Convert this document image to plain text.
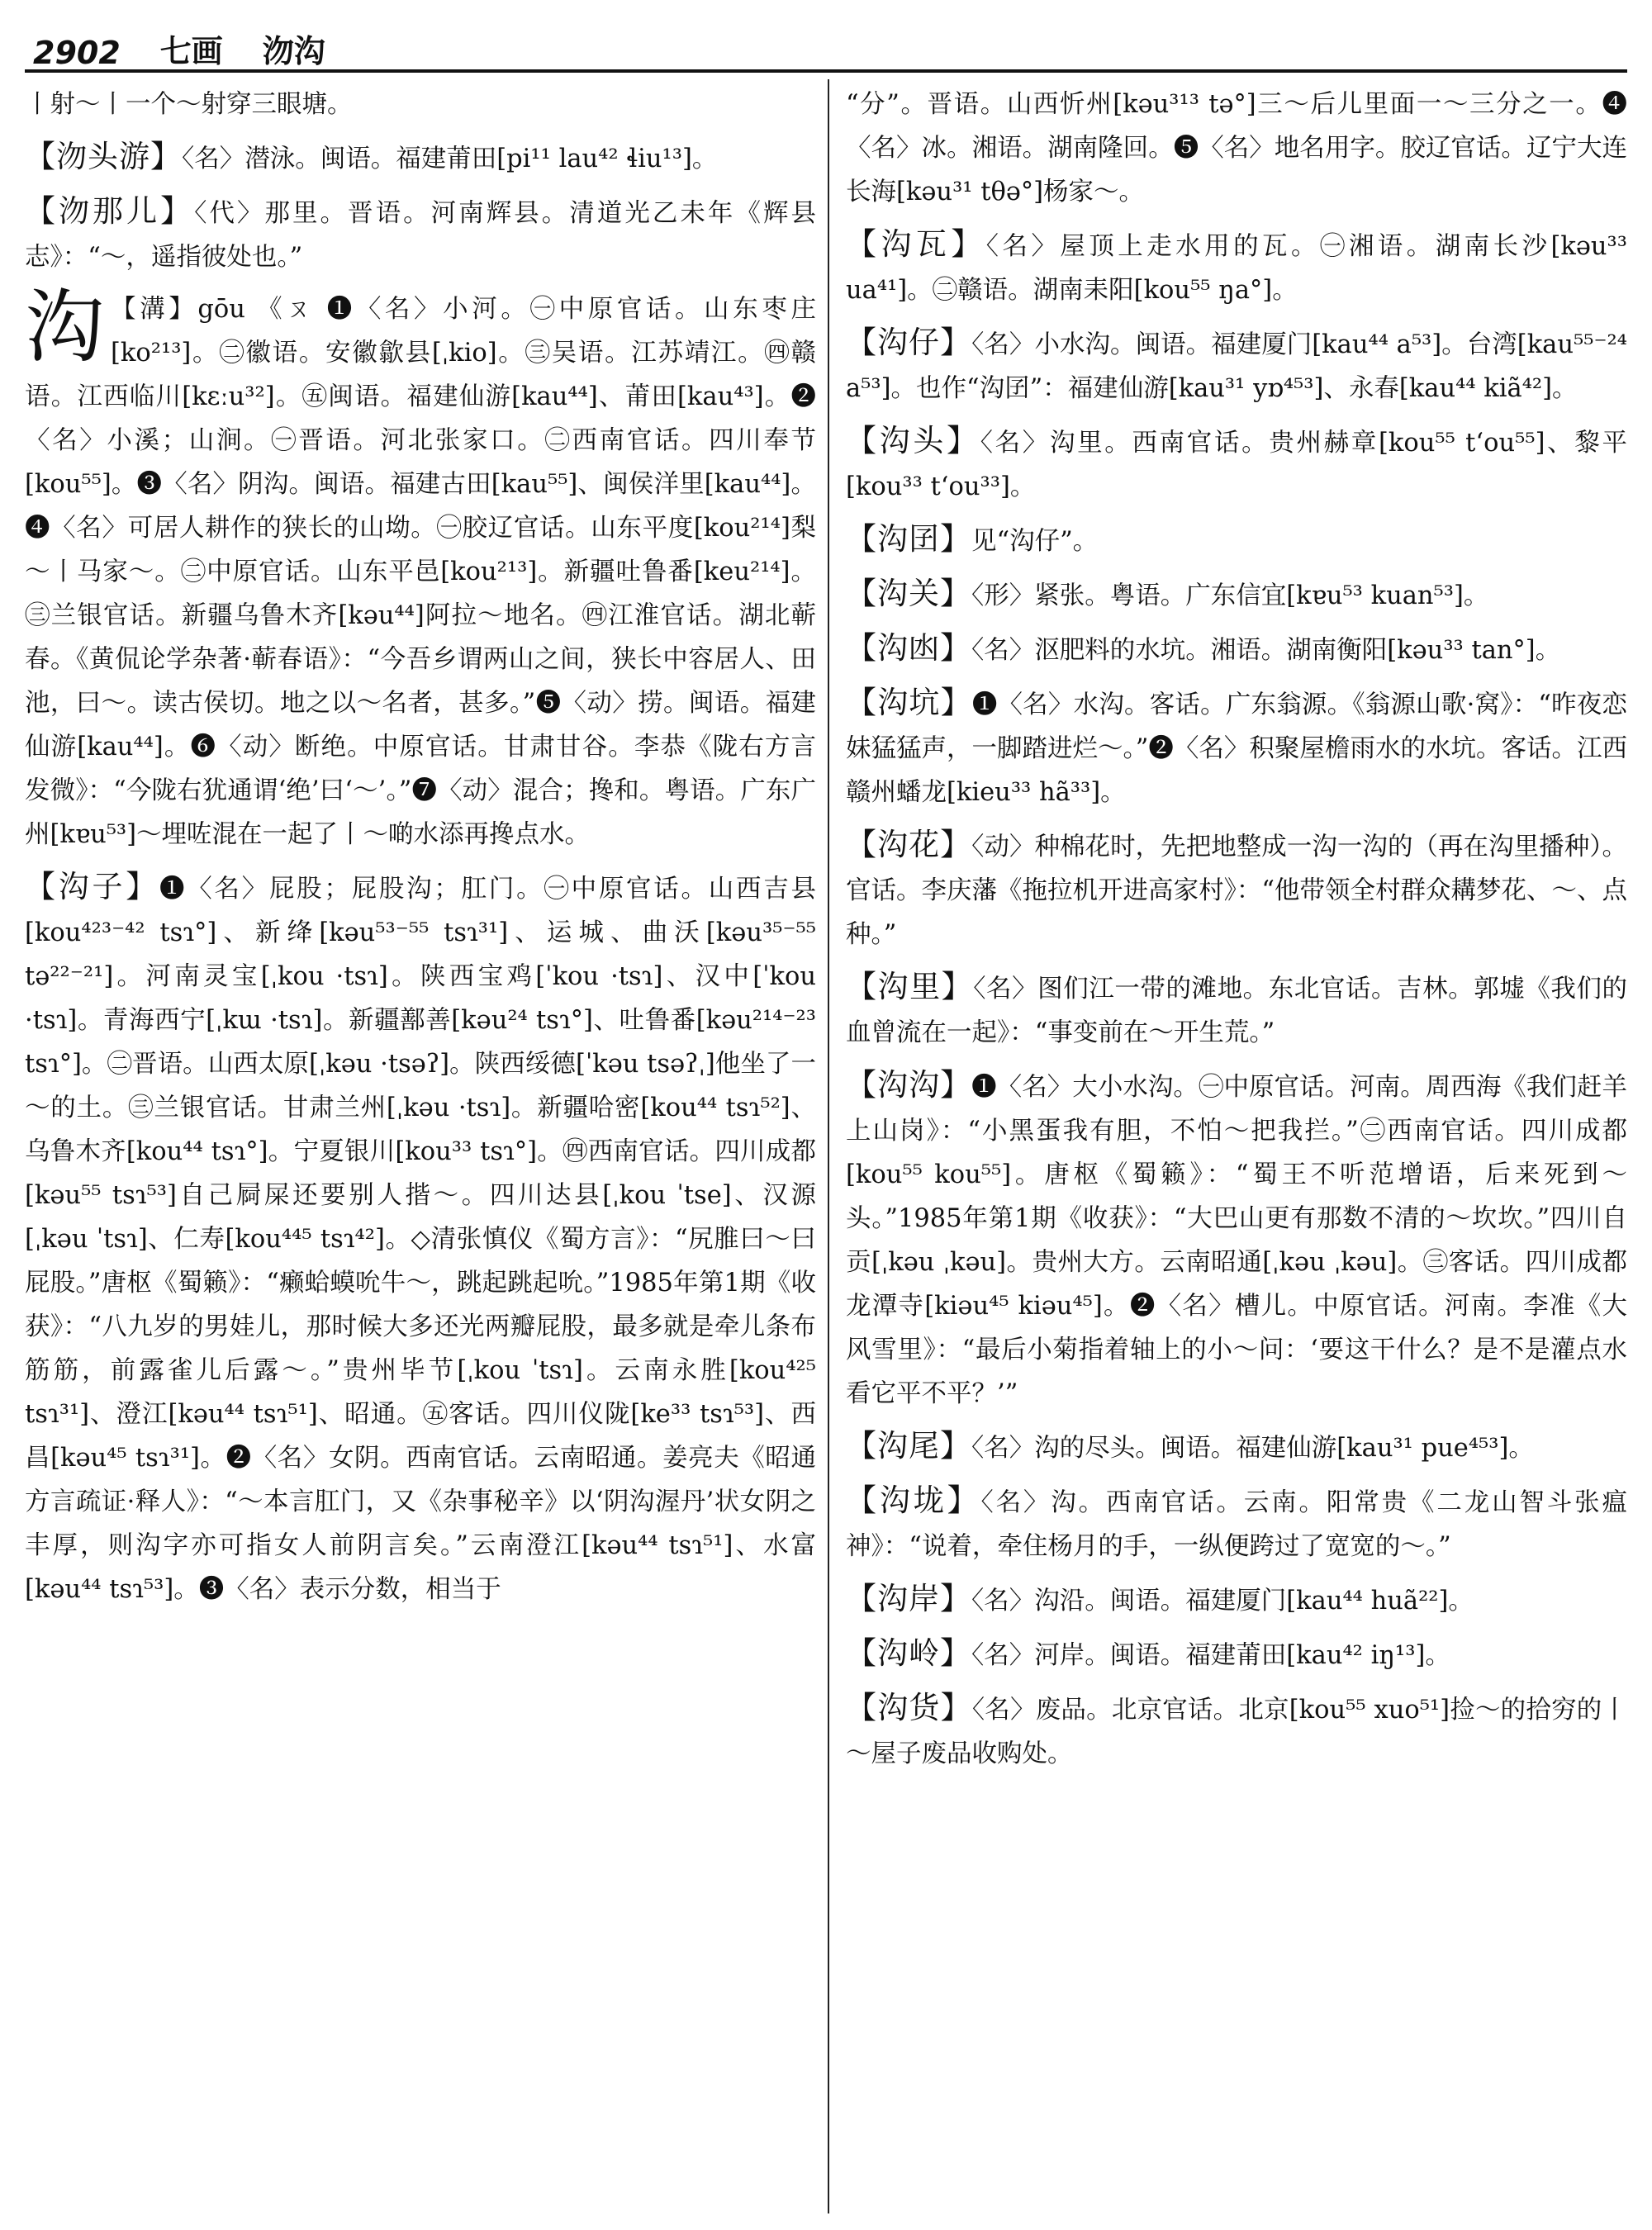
2902 七画 沕沟
丨射～丨一个～射穿三眼塘。
【沕头游】〈名〉潜泳。闽语。福建莆田[pi¹¹ lau⁴² ɬiu¹³]。
【沕那儿】〈代〉那里。晋语。河南辉县。清道光乙未年《辉县志》：“～，遥指彼处也。”
沟 【溝】gōu 《ㄡ ❶〈名〉小河。㊀中原官话。山东枣庄[ko²¹³]。㊁徽语。安徽歙县[ˌkio]。㊂吴语。江苏靖江。㊃赣语。江西临川[kɛːu³²]。㊄闽语。福建仙游[kau⁴⁴]、莆田[kau⁴³]。❷〈名〉小溪；山涧。㊀晋语。河北张家口。㊁西南官话。四川奉节[kou⁵⁵]。❸〈名〉阴沟。闽语。福建古田[kau⁵⁵]、闽侯洋里[kau⁴⁴]。❹〈名〉可居人耕作的狭长的山坳。㊀胶辽官话。山东平度[kou²¹⁴]梨～丨马家～。㊁中原官话。山东平邑[kou²¹³]。新疆吐鲁番[keu²¹⁴]。㊂兰银官话。新疆乌鲁木齐[kəu⁴⁴]阿拉～地名。㊃江淮官话。湖北蕲春。《黄侃论学杂著·蕲春语》：“今吾乡谓两山之间，狭长中容居人、田池，曰～。读古侯切。地之以～名者，甚多。”❺〈动〉捞。闽语。福建仙游[kau⁴⁴]。❻〈动〉断绝。中原官话。甘肃甘谷。李恭《陇右方言发微》：“今陇右犹通谓‘绝’曰‘～’。”❼〈动〉混合；搀和。粤语。广东广州[kɐu⁵³]～埋咗混在一起了丨～啲水添再搀点水。
【沟子】❶〈名〉屁股；屁股沟；肛门。㊀中原官话。山西吉县[kou⁴²³⁻⁴² tsɿ°]、新绛[kəu⁵³⁻⁵⁵ tsɿ³¹]、运城、曲沃[kəu³⁵⁻⁵⁵ tə²²⁻²¹]。河南灵宝[ˌkou ·tsɿ]。陕西宝鸡[ˈkou ·tsɿ]、汉中[ˈkou ·tsɿ]。青海西宁[ˌkɯ ·tsɿ]。新疆鄯善[kəu²⁴ tsɿ°]、吐鲁番[kəu²¹⁴⁻²³ tsɿ°]。㊁晋语。山西太原[ˌkəu ·tsəʔ]。陕西绥德[ˈkəu tsəʔˌ]他坐了一～的土。㊂兰银官话。甘肃兰州[ˌkəu ·tsɿ]。新疆哈密[kou⁴⁴ tsɿ⁵²]、乌鲁木齐[kou⁴⁴ tsɿ°]。宁夏银川[kou³³ tsɿ°]。㊃西南官话。四川成都[kəu⁵⁵ tsɿ⁵³]自己屙屎还要别人揩～。四川达县[ˌkou ˈtse]、汉源[ˌkəu ˈtsɿ]、仁寿[kou⁴⁴⁵ tsɿ⁴²]。◇清张慎仪《蜀方言》：“尻脽曰～曰屁股。”唐枢《蜀籁》：“癞蛤蟆吮牛～，跳起跳起吮。”1985年第1期《收获》：“八九岁的男娃儿，那时候大多还光两瓣屁股，最多就是牵儿条布筋筋，前露雀儿后露～。”贵州毕节[ˌkou ˈtsɿ]。云南永胜[kou⁴²⁵ tsɿ³¹]、澄江[kəu⁴⁴ tsɿ⁵¹]、昭通。㊄客话。四川仪陇[ke³³ tsɿ⁵³]、西昌[kəu⁴⁵ tsɿ³¹]。❷〈名〉女阴。西南官话。云南昭通。姜亮夫《昭通方言疏证·释人》：“～本言肛门，又《杂事秘辛》以‘阴沟渥丹’状女阴之丰厚，则沟字亦可指女人前阴言矣。”云南澄江[kəu⁴⁴ tsɿ⁵¹]、水富[kəu⁴⁴ tsɿ⁵³]。❸〈名〉表示分数，相当于
“分”。晋语。山西忻州[kəu³¹³ tə°]三～后儿里面一～三分之一。❹〈名〉冰。湘语。湖南隆回。❺〈名〉地名用字。胶辽官话。辽宁大连长海[kəu³¹ tθə°]杨家～。
【沟瓦】〈名〉屋顶上走水用的瓦。㊀湘语。湖南长沙[kəu³³ ua⁴¹]。㊁赣语。湖南耒阳[kou⁵⁵ ŋa°]。
【沟仔】〈名〉小水沟。闽语。福建厦门[kau⁴⁴ a⁵³]。台湾[kau⁵⁵⁻²⁴ a⁵³]。也作“沟囝”：福建仙游[kau³¹ yɒ⁴⁵³]、永春[kau⁴⁴ kiã⁴²]。
【沟头】〈名〉沟里。西南官话。贵州赫章[kou⁵⁵ tʻou⁵⁵]、黎平[kou³³ tʻou³³]。
【沟囝】见“沟仔”。
【沟关】〈形〉紧张。粤语。广东信宜[kɐu⁵³ kuan⁵³]。
【沟凼】〈名〉沤肥料的水坑。湘语。湖南衡阳[kəu³³ tan°]。
【沟坑】❶〈名〉水沟。客话。广东翁源。《翁源山歌·窝》：“昨夜恋妹猛猛声，一脚踏进烂～。”❷〈名〉积聚屋檐雨水的水坑。客话。江西赣州蟠龙[kieu³³ hã³³]。
【沟花】〈动〉种棉花时，先把地整成一沟一沟的（再在沟里播种）。官话。李庆藩《拖拉机开进高家村》：“他带领全村群众耩梦花、～、点种。”
【沟里】〈名〉图们江一带的滩地。东北官话。吉林。郭墟《我们的血曾流在一起》：“事变前在～开生荒。”
【沟沟】❶〈名〉大小水沟。㊀中原官话。河南。周西海《我们赶羊上山岗》：“小黑蛋我有胆，不怕～把我拦。”㊁西南官话。四川成都[kou⁵⁵ kou⁵⁵]。唐枢《蜀籁》：“蜀王不听范增语，后来死到～头。”1985年第1期《收获》：“大巴山更有那数不清的～坎坎。”四川自贡[ˌkəu ˌkəu]。贵州大方。云南昭通[ˌkəu ˌkəu]。㊂客话。四川成都龙潭寺[kiəu⁴⁵ kiəu⁴⁵]。❷〈名〉槽儿。中原官话。河南。李准《大风雪里》：“最后小菊指着轴上的小～问：‘要这干什么？是不是灌点水看它平不平？’”
【沟尾】〈名〉沟的尽头。闽语。福建仙游[kau³¹ pue⁴⁵³]。
【沟垅】〈名〉沟。西南官话。云南。阳常贵《二龙山智斗张瘟神》：“说着，牵住杨月的手，一纵便跨过了宽宽的～。”
【沟岸】〈名〉沟沿。闽语。福建厦门[kau⁴⁴ huã²²]。
【沟岭】〈名〉河岸。闽语。福建莆田[kau⁴² iŋ¹³]。
【沟货】〈名〉废品。北京官话。北京[kou⁵⁵ xuo⁵¹]捡～的拾穷的丨～屋子废品收购处。
